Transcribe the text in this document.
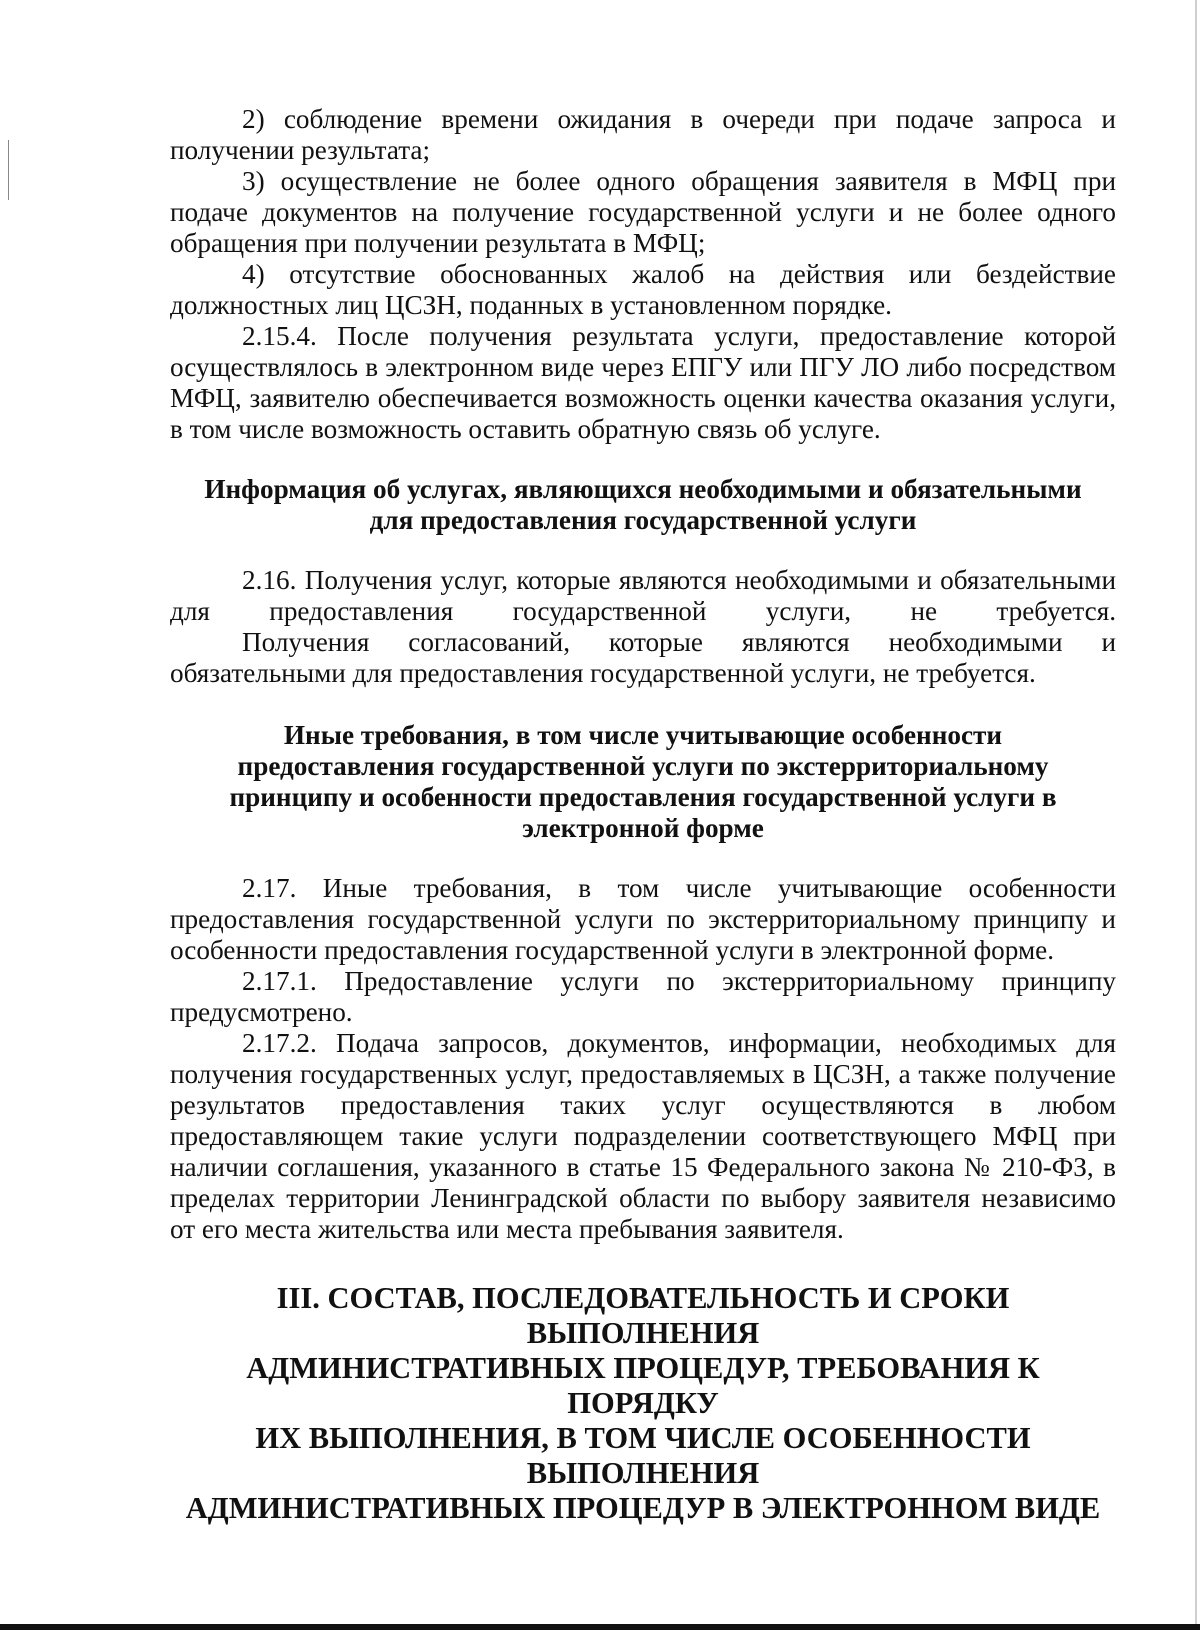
2) соблюдение времени ожидания в очереди при подаче запроса и получении результата;

3) осуществление не более одного обращения заявителя в МФЦ при подаче документов на получение государственной услуги и не более одного обращения при получении результата в МФЦ;

4) отсутствие обоснованных жалоб на действия или бездействие должностных лиц ЦСЗН, поданных в установленном порядке.

2.15.4. После получения результата услуги, предоставление которой осуществлялось в электронном виде через ЕПГУ или ПГУ ЛО либо посредством МФЦ, заявителю обеспечивается возможность оценки качества оказания услуги, в том числе возможность оставить обратную связь об услуге.

Информация об услугах, являющихся необходимыми и обязательными

для предоставления государственной услуги

2.16. Получения услуг, которые являются необходимыми и обязательными для предоставления государственной услуги, не требуется.

Получения согласований, которые являются необходимыми и обязательными для предоставления государственной услуги, не требуется.

Иные требования, в том числе учитывающие особенности

предоставления государственной услуги по экстерриториальному

принципу и особенности предоставления государственной услуги в

электронной форме

2.17. Иные требования, в том числе учитывающие особенности предоставления государственной услуги по экстерриториальному принципу и особенности предоставления государственной услуги в электронной форме.

2.17.1. Предоставление услуги по экстерриториальному принципу предусмотрено.

2.17.2. Подача запросов, документов, информации, необходимых для получения государственных услуг, предоставляемых в ЦСЗН, а также получение результатов предоставления таких услуг осуществляются в любом предоставляющем такие услуги подразделении соответствующего МФЦ при наличии соглашения, указанного в статье 15 Федерального закона № 210-ФЗ, в пределах территории Ленинградской области по выбору заявителя независимо от его места жительства или места пребывания заявителя.

III. СОСТАВ, ПОСЛЕДОВАТЕЛЬНОСТЬ И СРОКИ ВЫПОЛНЕНИЯ

АДМИНИСТРАТИВНЫХ ПРОЦЕДУР, ТРЕБОВАНИЯ К ПОРЯДКУ

ИХ ВЫПОЛНЕНИЯ, В ТОМ ЧИСЛЕ ОСОБЕННОСТИ ВЫПОЛНЕНИЯ

АДМИНИСТРАТИВНЫХ ПРОЦЕДУР В ЭЛЕКТРОННОМ ВИДЕ
